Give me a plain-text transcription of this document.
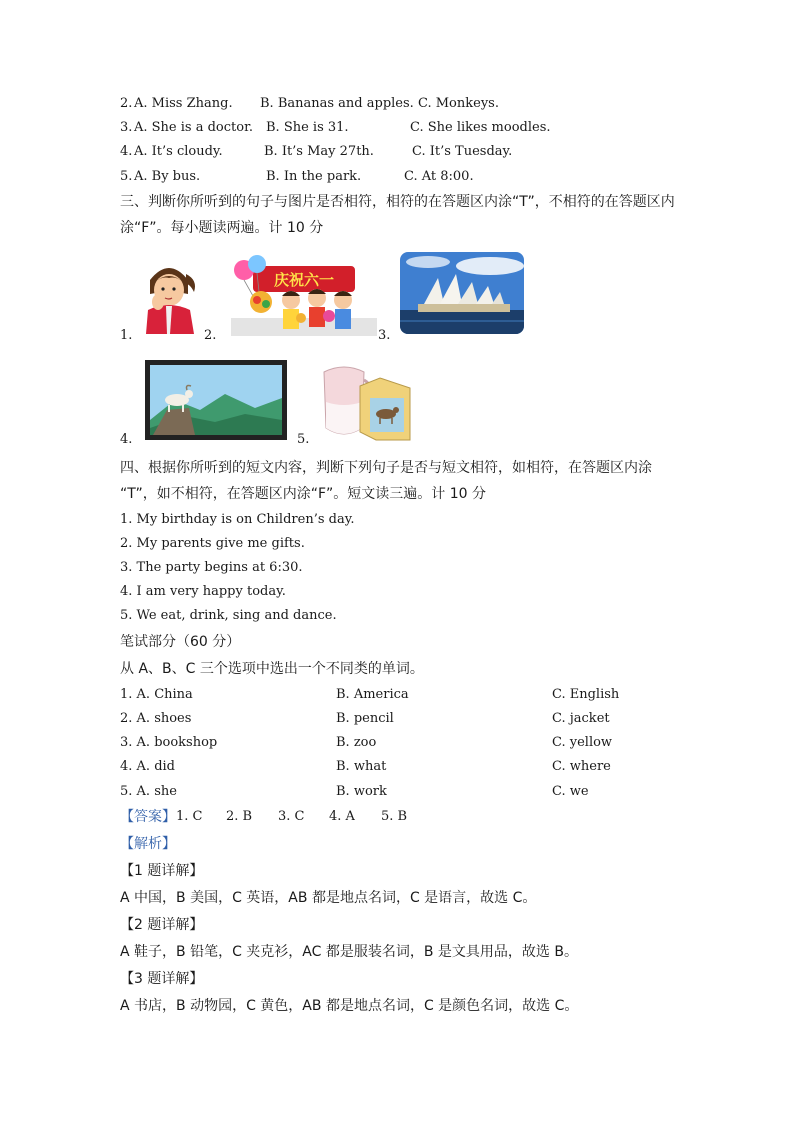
2. A. Miss Zhang. B. Bananas and apples. C. Monkeys.
3. A. She is a doctor. B. She is 31.	C. She likes moodles.
4. A. It’s cloudy.	B. It’s May 27th.	C. It’s Tuesday.
5. A. By bus.	B. In the park.	C. At 8:00.
三、判断你所听到的句子与图片是否相符，相符的在答题区内涂“T”，不相符的在答题区内
涂“F”。每小题读两遍。计 10 分
1.	2.
庆祝六一
3.
4.	5.
四、根据你所听到的短文内容，判断下列句子是否与短文相符，如相符，在答题区内涂
“T”，如不相符，在答题区内涂“F”。短文读三遍。计 10 分
1. My birthday is on Children’s day.
2. My parents give me gifts.
3. The party begins at 6:30.
4. I am very happy today.
5. We eat, drink, sing and dance.
笔试部分（60 分）
从 A、B、C 三个选项中选出一个不同类的单词。
1. A. China	B. America	C. English
2. A. shoes	B. pencil	C. jacket
3. A. bookshop	B. zoo	C. yellow
4. A. did	B. what	C. where
5. A. she	B. work	C. we
【答案】 1. C 2. B 3. C 4. A 5. B
【解析】
【1 题详解】
A 中国，B 美国，C 英语，AB 都是地点名词，C 是语言，故选 C。
【2 题详解】
A 鞋子，B 铅笔，C 夹克衫，AC 都是服装名词，B 是文具用品，故选 B。
【3 题详解】
A 书店，B 动物园，C 黄色，AB 都是地点名词，C 是颜色名词，故选 C。
